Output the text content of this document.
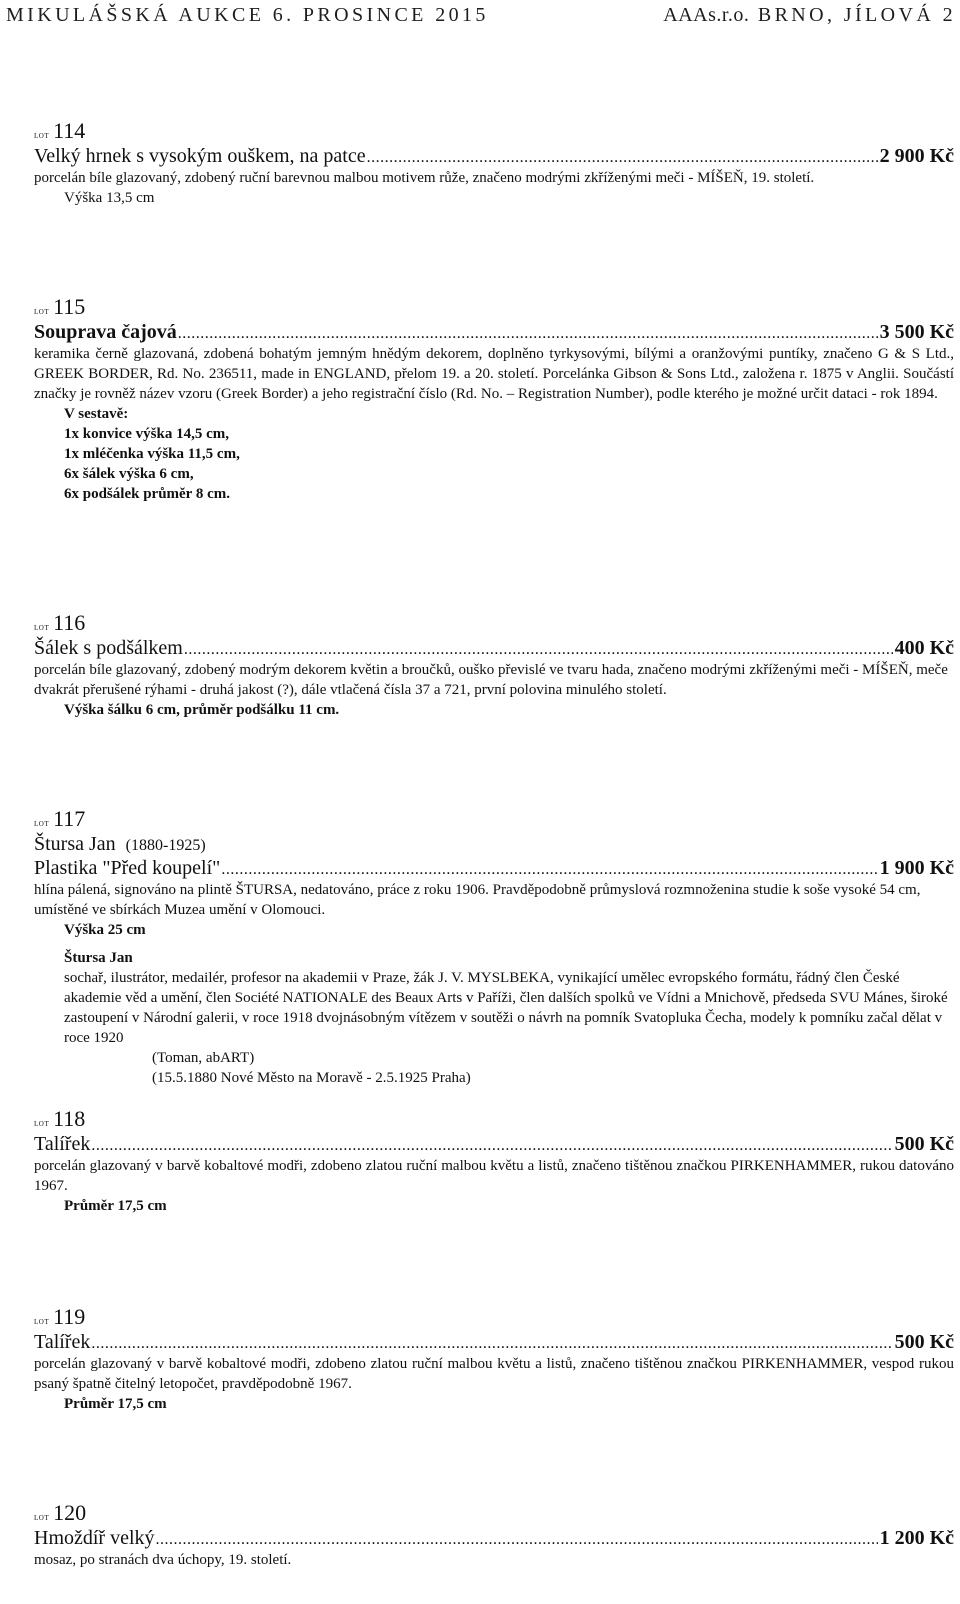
MIKULÁŠSKÁ AUKCE 6. PROSINCE 2015	AAAs.r.o. BRNO, JÍLOVÁ 2
LOT 114
Velký hrnek s vysokým ouškem, na patce .....	2 900 Kč
porcelán bíle glazovaný, zdobený ruční barevnou malbou motivem růže, značeno modrými zkříženými meči - MÍŠEŇ, 19. století.
Výška 13,5 cm
LOT 115
Souprava čajová .....	3 500 Kč
keramika černě glazovaná, zdobená bohatým jemným hnědým dekorem, doplněno tyrkysovými, bílými a oranžovými puntíky, značeno G & S Ltd., GREEK BORDER, Rd. No. 236511, made in ENGLAND, přelom 19. a 20. století. Porcelánka Gibson & Sons Ltd., založena r. 1875 v Anglii. Součástí značky je rovněž název vzoru (Greek Border) a jeho registrační číslo (Rd. No. – Registration Number), podle kterého je možné určit dataci - rok 1894.
V sestavě:
1x konvice výška 14,5 cm,
1x mléčenka výška 11,5 cm,
6x šálek výška 6 cm,
6x podšálek průměr 8 cm.
LOT 116
Šálek s podšálkem .....	400 Kč
porcelán bíle glazovaný, zdobený modrým dekorem květin a broučků, ouško převislé ve tvaru hada, značeno modrými zkříženými meči - MÍŠEŇ, meče dvakrát přerušené rýhami - druhá jakost (?), dále vtlačená čísla 37 a 721, první polovina minulého století.
Výška šálku 6 cm, průměr podšálku 11 cm.
LOT 117
Štursa Jan (1880-1925)
Plastika "Před koupelí" .....	1 900 Kč
hlína pálená, signováno na plintě ŠTURSA, nedatováno, práce z roku 1906. Pravděpodobně průmyslová rozmnoženina studie k soše vysoké 54 cm, umístěné ve sbírkách Muzea umění v Olomouci.
Výška 25 cm
Štursa Jan
sochař, ilustrátor, medailér, profesor na akademii v Praze, žák J. V. MYSLBEKA, vynikající umělec evropského formátu, řádný člen České akademie věd a umění, člen Société NATIONALE des Beaux Arts v Paříži, člen dalších spolků ve Vídni a Mnichově, předseda SVU Mánes, široké zastoupení v Národní galerii, v roce 1918 dvojnásobným vítězem v soutěži o návrh na pomník Svatopluka Čecha, modely k pomníku začal dělat v roce 1920
(Toman, abART)
(15.5.1880 Nové Město na Moravě - 2.5.1925 Praha)
LOT 118
Talířek .....	500 Kč
porcelán glazovaný v barvě kobaltové modři, zdobeno zlatou ruční malbou květu a listů, značeno tištěnou značkou PIRKENHAMMER, rukou datováno 1967.
Průměr 17,5 cm
LOT 119
Talířek .....	500 Kč
porcelán glazovaný v barvě kobaltové modři, zdobeno zlatou ruční malbou květu a listů, značeno tištěnou značkou PIRKENHAMMER, vespod rukou psaný špatně čitelný letopočet, pravděpodobně 1967.
Průměr 17,5 cm
LOT 120
Hmoždíř velký .....	1 200 Kč
mosaz, po stranách dva úchopy, 19. století.
